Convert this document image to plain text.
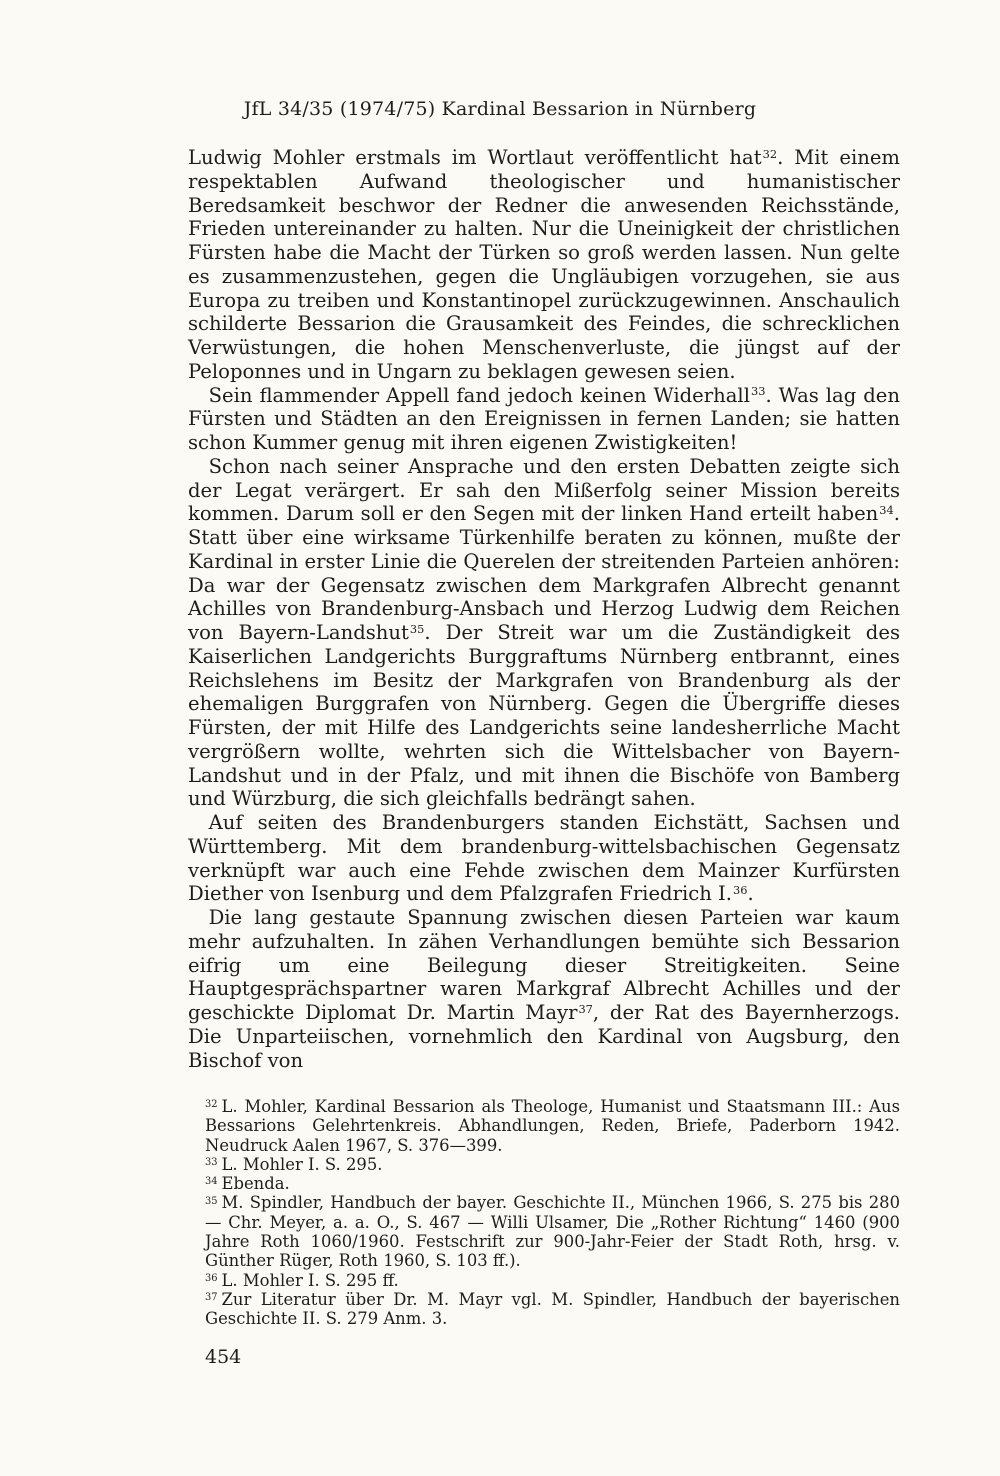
JfL 34/35 (1974/75) Kardinal Bessarion in Nürnberg

Ludwig Mohler erstmals im Wortlaut veröffentlicht hat$^{32}$. Mit einem respektablen Aufwand theologischer und humanistischer Beredsamkeit beschwor der Redner die anwesenden Reichsstände, Frieden untereinander zu halten. Nur die Uneinigkeit der christlichen Fürsten habe die Macht der Türken so groß werden lassen. Nun gelte es zusammenzustehen, gegen die Ungläubigen vorzugehen, sie aus Europa zu treiben und Konstantinopel zurückzugewinnen. Anschaulich schilderte Bessarion die Grausamkeit des Feindes, die schrecklichen Verwüstungen, die hohen Menschenverluste, die jüngst auf der Peloponnes und in Ungarn zu beklagen gewesen seien.

Sein flammender Appell fand jedoch keinen Widerhall$^{33}$. Was lag den Fürsten und Städten an den Ereignissen in fernen Landen; sie hatten schon Kummer genug mit ihren eigenen Zwistigkeiten!

Schon nach seiner Ansprache und den ersten Debatten zeigte sich der Legat verärgert. Er sah den Mißerfolg seiner Mission bereits kommen. Darum soll er den Segen mit der linken Hand erteilt haben$^{34}$. Statt über eine wirksame Türkenhilfe beraten zu können, mußte der Kardinal in erster Linie die Querelen der streitenden Parteien anhören: Da war der Gegensatz zwischen dem Markgrafen Albrecht genannt Achilles von Brandenburg-Ansbach und Herzog Ludwig dem Reichen von Bayern-Landshut$^{35}$. Der Streit war um die Zuständigkeit des Kaiserlichen Landgerichts Burggraftums Nürnberg entbrannt, eines Reichslehens im Besitz der Markgrafen von Brandenburg als der ehemaligen Burggrafen von Nürnberg. Gegen die Übergriffe dieses Fürsten, der mit Hilfe des Landgerichts seine landesherrliche Macht vergrößern wollte, wehrten sich die Wittelsbacher von Bayern-Landshut und in der Pfalz, und mit ihnen die Bischöfe von Bamberg und Würzburg, die sich gleichfalls bedrängt sahen.

Auf seiten des Brandenburgers standen Eichstätt, Sachsen und Württemberg. Mit dem brandenburg-wittelsbachischen Gegensatz verknüpft war auch eine Fehde zwischen dem Mainzer Kurfürsten Diether von Isenburg und dem Pfalzgrafen Friedrich I.$^{36}$.

Die lang gestaute Spannung zwischen diesen Parteien war kaum mehr aufzuhalten. In zähen Verhandlungen bemühte sich Bessarion eifrig um eine Beilegung dieser Streitigkeiten. Seine Hauptgesprächspartner waren Markgraf Albrecht Achilles und der geschickte Diplomat Dr. Martin Mayr$^{37}$, der Rat des Bayernherzogs. Die Unparteiischen, vornehmlich den Kardinal von Augsburg, den Bischof von

$^{32}$ L. Mohler, Kardinal Bessarion als Theologe, Humanist und Staatsmann III.: Aus Bessarions Gelehrtenkreis. Abhandlungen, Reden, Briefe, Paderborn 1942. Neudruck Aalen 1967, S. 376—399.

$^{33}$ L. Mohler I. S. 295.

$^{34}$ Ebenda.

$^{35}$ M. Spindler, Handbuch der bayer. Geschichte II., München 1966, S. 275 bis 280 — Chr. Meyer, a. a. O., S. 467 — Willi Ulsamer, Die „Rother Richtung“ 1460 (900 Jahre Roth 1060/1960. Festschrift zur 900-Jahr-Feier der Stadt Roth, hrsg. v. Günther Rüger, Roth 1960, S. 103 ff.).

$^{36}$ L. Mohler I. S. 295 ff.

$^{37}$ Zur Literatur über Dr. M. Mayr vgl. M. Spindler, Handbuch der bayerischen Geschichte II. S. 279 Anm. 3.

454
